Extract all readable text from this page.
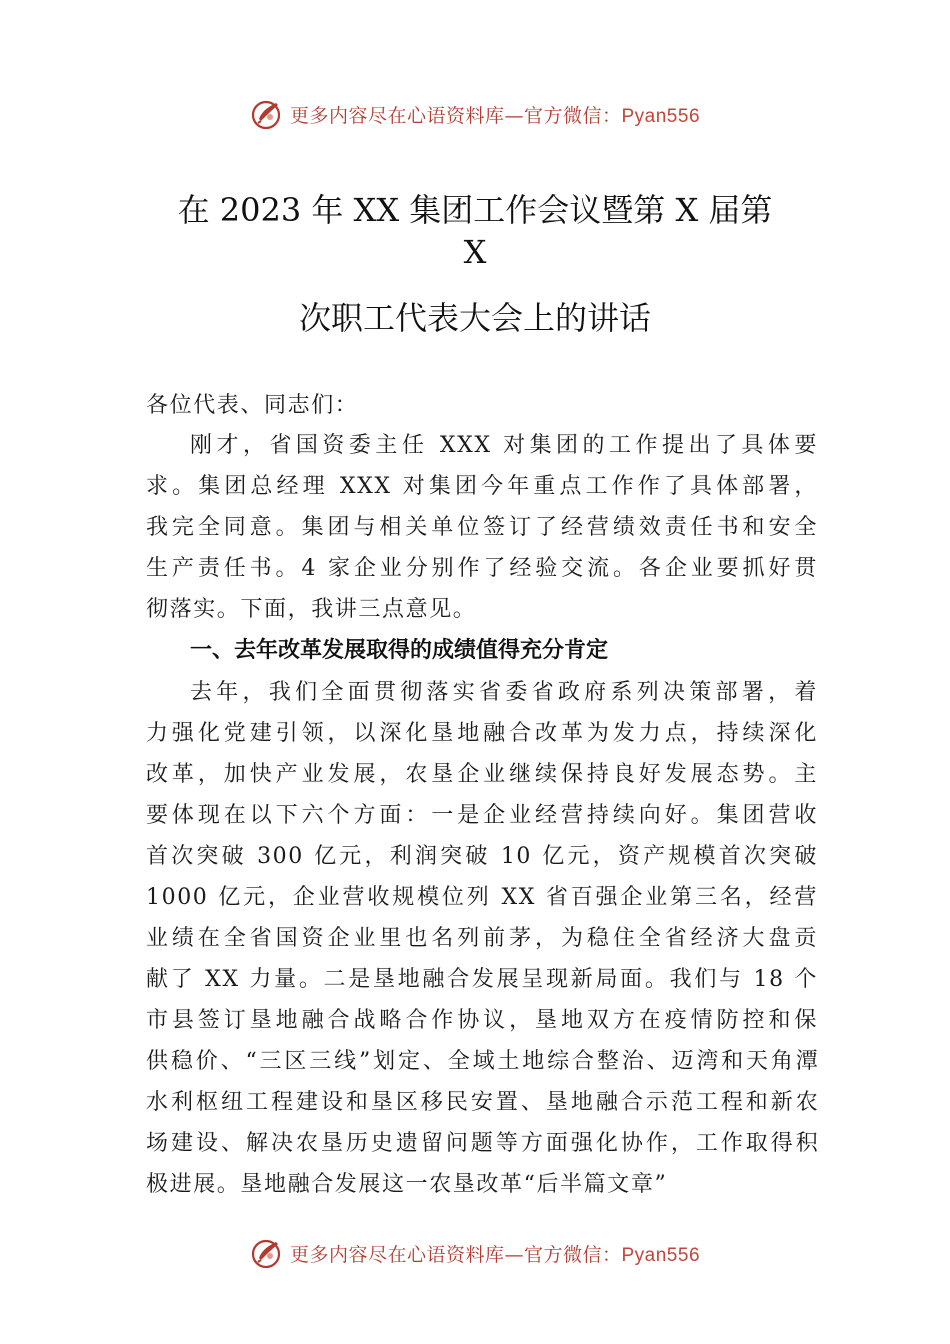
更多内容尽在心语资料库—官方微信：Pyan556
在 2023 年 XX 集团工作会议暨第 X 届第
X
次职工代表大会上的讲话
各位代表、同志们：
刚才，省国资委主任 XXX 对集团的工作提出了具体要
求。集团总经理 XXX 对集团今年重点工作作了具体部署，
我完全同意。集团与相关单位签订了经营绩效责任书和安全
生产责任书。4 家企业分别作了经验交流。各企业要抓好贯
彻落实。下面，我讲三点意见。
一、去年改革发展取得的成绩值得充分肯定
去年，我们全面贯彻落实省委省政府系列决策部署，着
力强化党建引领，以深化垦地融合改革为发力点，持续深化
改革，加快产业发展，农垦企业继续保持良好发展态势。主
要体现在以下六个方面：一是企业经营持续向好。集团营收
首次突破 300 亿元，利润突破 10 亿元，资产规模首次突破
1000 亿元，企业营收规模位列 XX 省百强企业第三名，经营
业绩在全省国资企业里也名列前茅，为稳住全省经济大盘贡
献了 XX 力量。二是垦地融合发展呈现新局面。我们与 18 个
市县签订垦地融合战略合作协议，垦地双方在疫情防控和保
供稳价、“三区三线”划定、全域土地综合整治、迈湾和天角潭
水利枢纽工程建设和垦区移民安置、垦地融合示范工程和新农
场建设、解决农垦历史遗留问题等方面强化协作，工作取得积
极进展。垦地融合发展这一农垦改革“后半篇文章”
更多内容尽在心语资料库—官方微信：Pyan556
